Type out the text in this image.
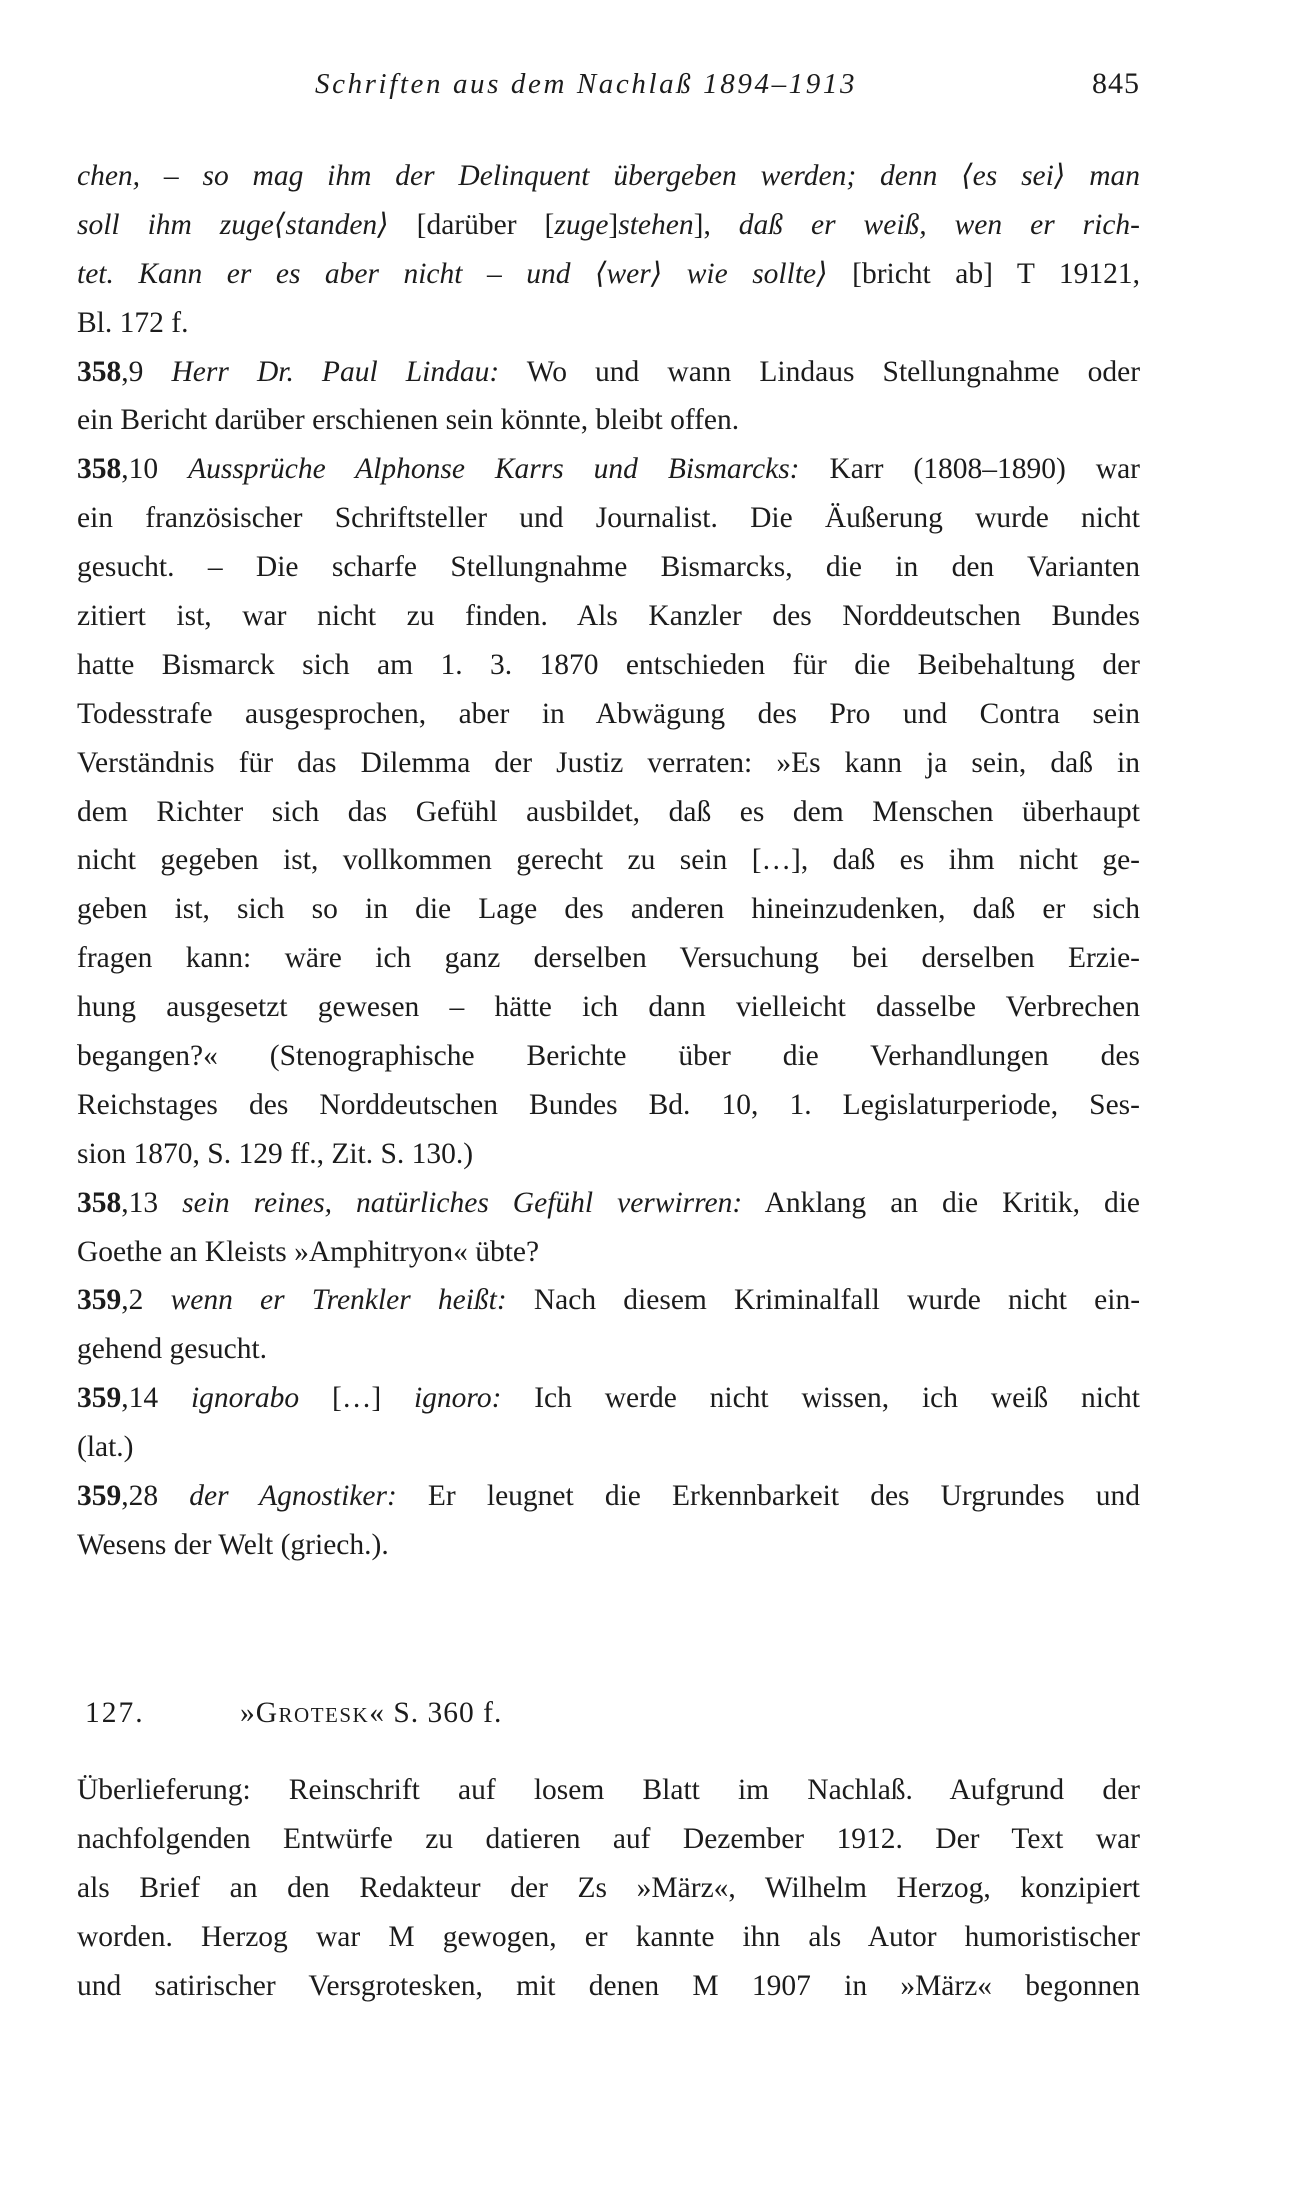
Schriften aus dem Nachlaß 1894–1913	845
chen, – so mag ihm der Delinquent übergeben werden; denn ⟨es sei⟩ man
soll ihm zuge⟨standen⟩ [darüber [zuge]stehen], daß er weiß, wen er rich-
tet. Kann er es aber nicht – und ⟨wer⟩ wie sollte⟩ [bricht ab] T 19121,
Bl. 172 f.
358,9 Herr Dr. Paul Lindau: Wo und wann Lindaus Stellungnahme oder
ein Bericht darüber erschienen sein könnte, bleibt offen.
358,10 Aussprüche Alphonse Karrs und Bismarcks: Karr (1808–1890) war
ein französischer Schriftsteller und Journalist. Die Äußerung wurde nicht
gesucht. – Die scharfe Stellungnahme Bismarcks, die in den Varianten
zitiert ist, war nicht zu finden. Als Kanzler des Norddeutschen Bundes
hatte Bismarck sich am 1. 3. 1870 entschieden für die Beibehaltung der
Todesstrafe ausgesprochen, aber in Abwägung des Pro und Contra sein
Verständnis für das Dilemma der Justiz verraten: »Es kann ja sein, daß in
dem Richter sich das Gefühl ausbildet, daß es dem Menschen überhaupt
nicht gegeben ist, vollkommen gerecht zu sein […], daß es ihm nicht ge-
geben ist, sich so in die Lage des anderen hineinzudenken, daß er sich
fragen kann: wäre ich ganz derselben Versuchung bei derselben Erzie-
hung ausgesetzt gewesen – hätte ich dann vielleicht dasselbe Verbrechen
begangen?« (Stenographische Berichte über die Verhandlungen des
Reichstages des Norddeutschen Bundes Bd. 10, 1. Legislaturperiode, Ses-
sion 1870, S. 129 ff., Zit. S. 130.)
358,13 sein reines, natürliches Gefühl verwirren: Anklang an die Kritik, die
Goethe an Kleists »Amphitryon« übte?
359,2 wenn er Trenkler heißt: Nach diesem Kriminalfall wurde nicht ein-
gehend gesucht.
359,14 ignorabo […] ignoro: Ich werde nicht wissen, ich weiß nicht
(lat.)
359,28 der Agnostiker: Er leugnet die Erkennbarkeit des Urgrundes und
Wesens der Welt (griech.).
127.	»Grotesk« S. 360 f.
Überlieferung: Reinschrift auf losem Blatt im Nachlaß. Aufgrund der
nachfolgenden Entwürfe zu datieren auf Dezember 1912. Der Text war
als Brief an den Redakteur der Zs »März«, Wilhelm Herzog, konzipiert
worden. Herzog war M gewogen, er kannte ihn als Autor humoristischer
und satirischer Versgrotesken, mit denen M 1907 in »März« begonnen
